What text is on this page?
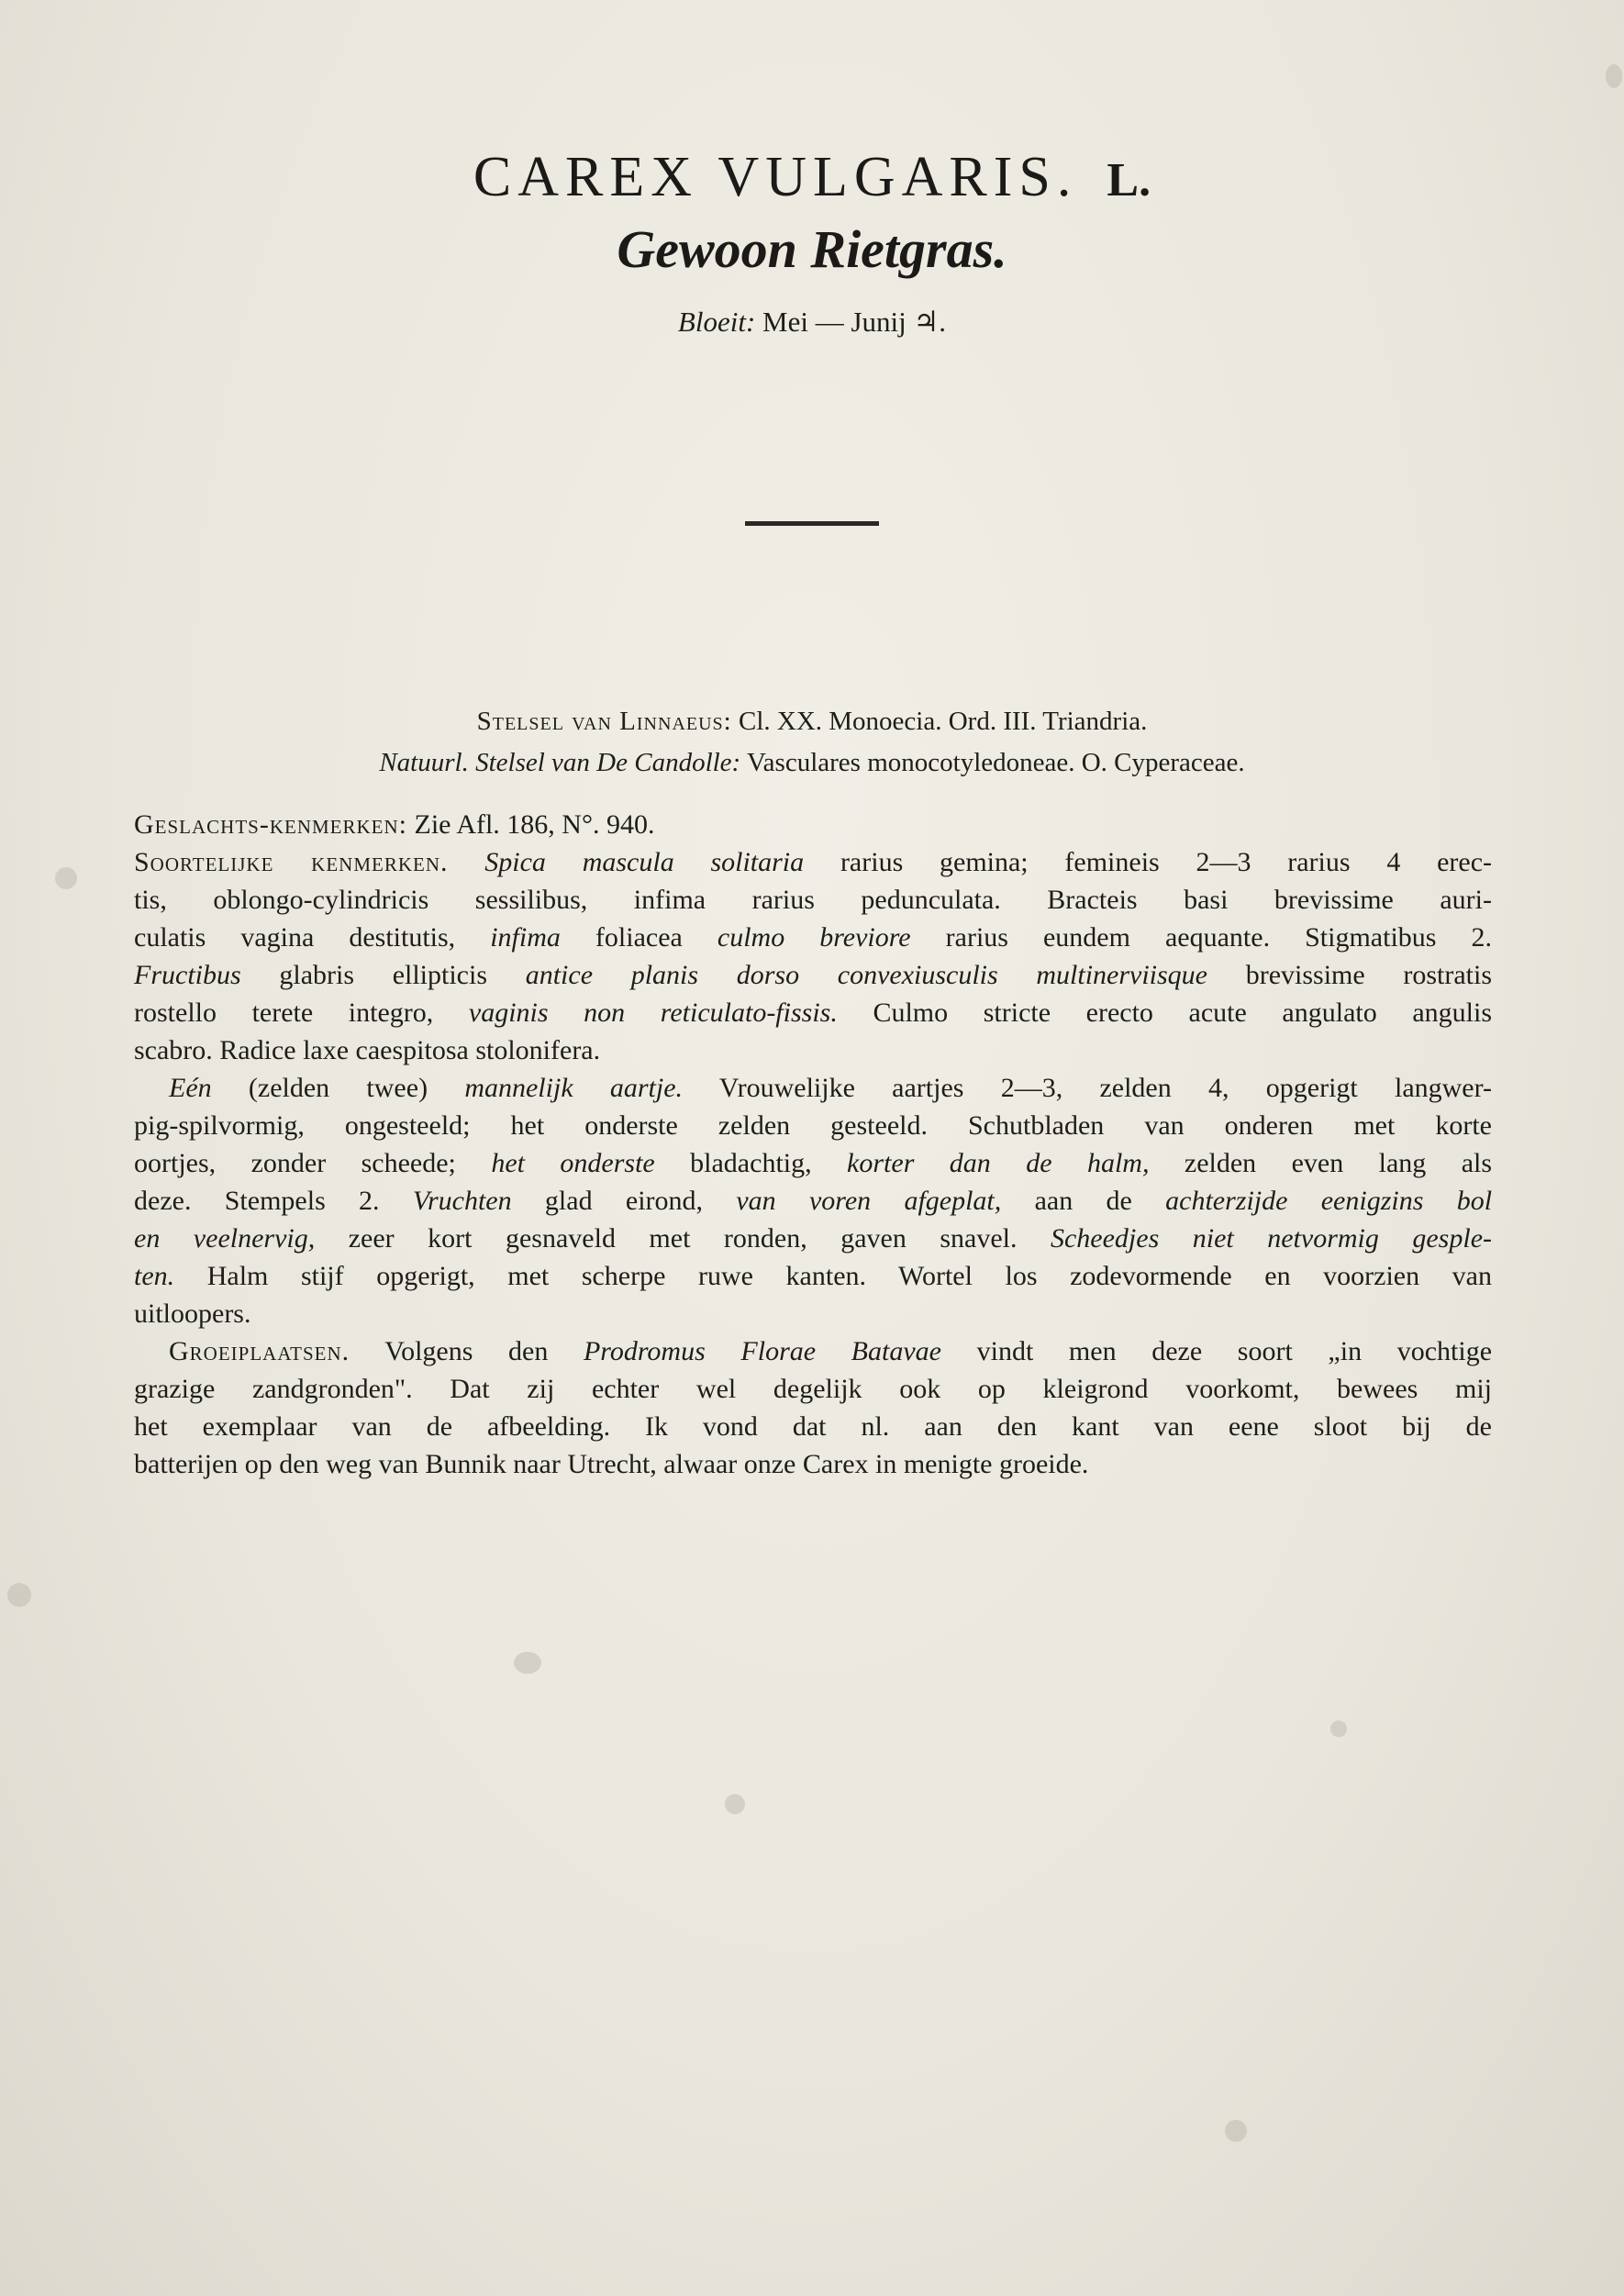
CAREX VULGARIS. L.
Gewoon Rietgras.
Bloeit: Mei — Junij ♃.
Stelsel van Linnaeus: Cl. XX. Monoecia. Ord. III. Triandria.
Natuurl. Stelsel van De Candolle: Vasculares monocotyledoneae. O. Cyperaceae.
Geslachts-kenmerken: Zie Afl. 186, N°. 940.
Soortelijke kenmerken. Spica mascula solitaria rarius gemina; femineis 2—3 rarius 4 erec-
tis, oblongo-cylindricis sessilibus, infima rarius pedunculata. Bracteis basi brevissime auri-
culatis vagina destitutis, infima foliacea culmo breviore rarius eundem aequante. Stigmatibus 2.
Fructibus glabris ellipticis antice planis dorso convexiusculis multinerviisque brevissime rostratis
rostello terete integro, vaginis non reticulato-fissis. Culmo stricte erecto acute angulato angulis
scabro. Radice laxe caespitosa stolonifera.
Eén (zelden twee) mannelijk aartje. Vrouwelijke aartjes 2—3, zelden 4, opgerigt langwer-
pig-spilvormig, ongesteeld; het onderste zelden gesteeld. Schutbladen van onderen met korte
oortjes, zonder scheede; het onderste bladachtig, korter dan de halm, zelden even lang als
deze. Stempels 2. Vruchten glad eirond, van voren afgeplat, aan de achterzijde eenigzins bol
en veelnervig, zeer kort gesnaveld met ronden, gaven snavel. Scheedjes niet netvormig gesple-
ten. Halm stijf opgerigt, met scherpe ruwe kanten. Wortel los zodevormende en voorzien van
uitloopers.
Groeiplaatsen. Volgens den Prodromus Florae Batavae vindt men deze soort „in vochtige
grazige zandgronden". Dat zij echter wel degelijk ook op kleigrond voorkomt, bewees mij
het exemplaar van de afbeelding. Ik vond dat nl. aan den kant van eene sloot bij de
batterijen op den weg van Bunnik naar Utrecht, alwaar onze Carex in menigte groeide.
